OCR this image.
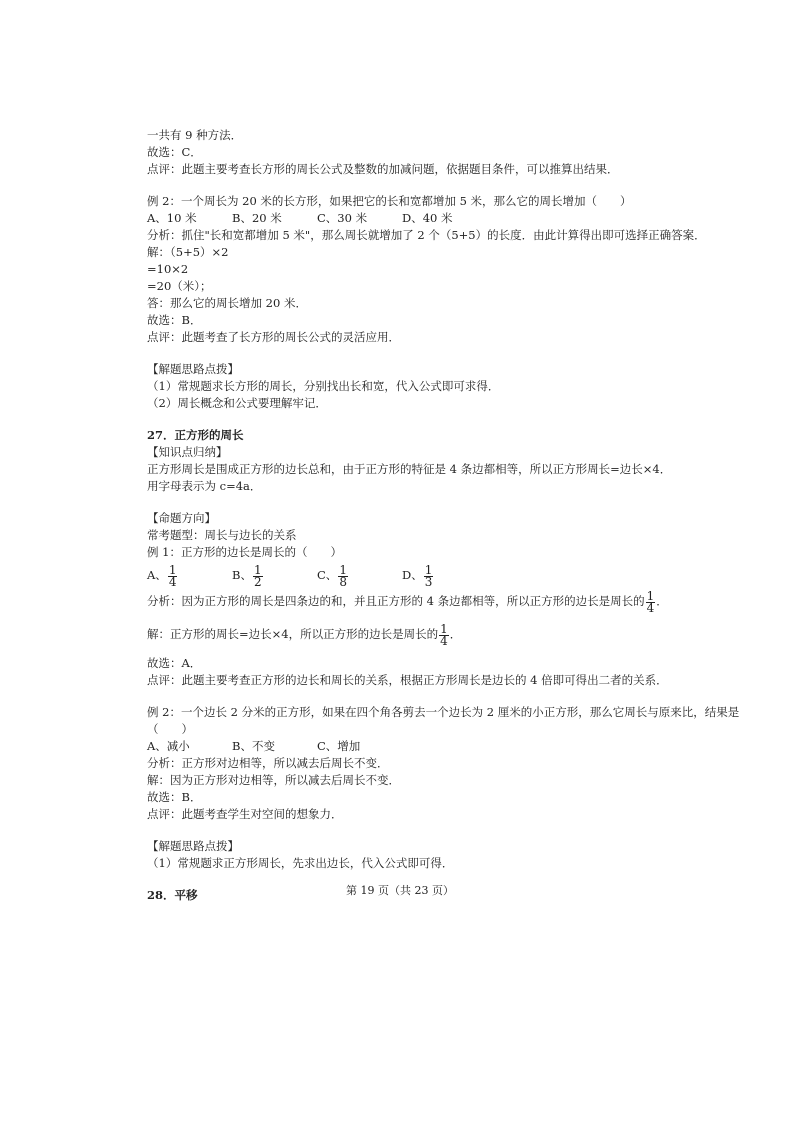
一共有 9 种方法．
故选：C．
点评：此题主要考查长方形的周长公式及整数的加减问题，依据题目条件，可以推算出结果．
例 2：一个周长为 20 米的长方形，如果把它的长和宽都增加 5 米，那么它的周长增加（　　）
A、10 米	B、20 米	C、30 米	D、40 米
分析：抓住"长和宽都增加 5 米"，那么周长就增加了 2 个（5+5）的长度．由此计算得出即可选择正确答案．
解：（5+5）×2
=10×2
=20（米）；
答：那么它的周长增加 20 米．
故选：B．
点评：此题考查了长方形的周长公式的灵活应用．
【解题思路点拨】
（1）常规题求长方形的周长，分别找出长和宽，代入公式即可求得．
（2）周长概念和公式要理解牢记．
27．正方形的周长
【知识点归纳】
正方形周长是围成正方形的边长总和，由于正方形的特征是 4 条边都相等，所以正方形周长=边长×4．
用字母表示为 c=4a．
【命题方向】
常考题型：周长与边长的关系
例 1：正方形的边长是周长的（　　）
A、 $\frac{1}{4}$	B、 $\frac{1}{2}$	C、 $\frac{1}{8}$	D、 $\frac{1}{3}$
分析：因为正方形的周长是四条边的和，并且正方形的 4 条边都相等，所以正方形的边长是周长的 $\frac{1}{4}$ ．
解：正方形的周长=边长×4，所以正方形的边长是周长的 $\frac{1}{4}$ ．
故选：A．
点评：此题主要考查正方形的边长和周长的关系，根据正方形周长是边长的 4 倍即可得出二者的关系．
例 2：一个边长 2 分米的正方形，如果在四个角各剪去一个边长为 2 厘米的小正方形，那么它周长与原来比，结果是
（　　）
A、减小	B、不变	C、增加
分析：正方形对边相等，所以减去后周长不变．
解：因为正方形对边相等，所以减去后周长不变．
故选：B．
点评：此题考查学生对空间的想象力．
【解题思路点拨】
（1）常规题求正方形周长，先求出边长，代入公式即可得．
28．平移	第 19 页（共 23 页）
